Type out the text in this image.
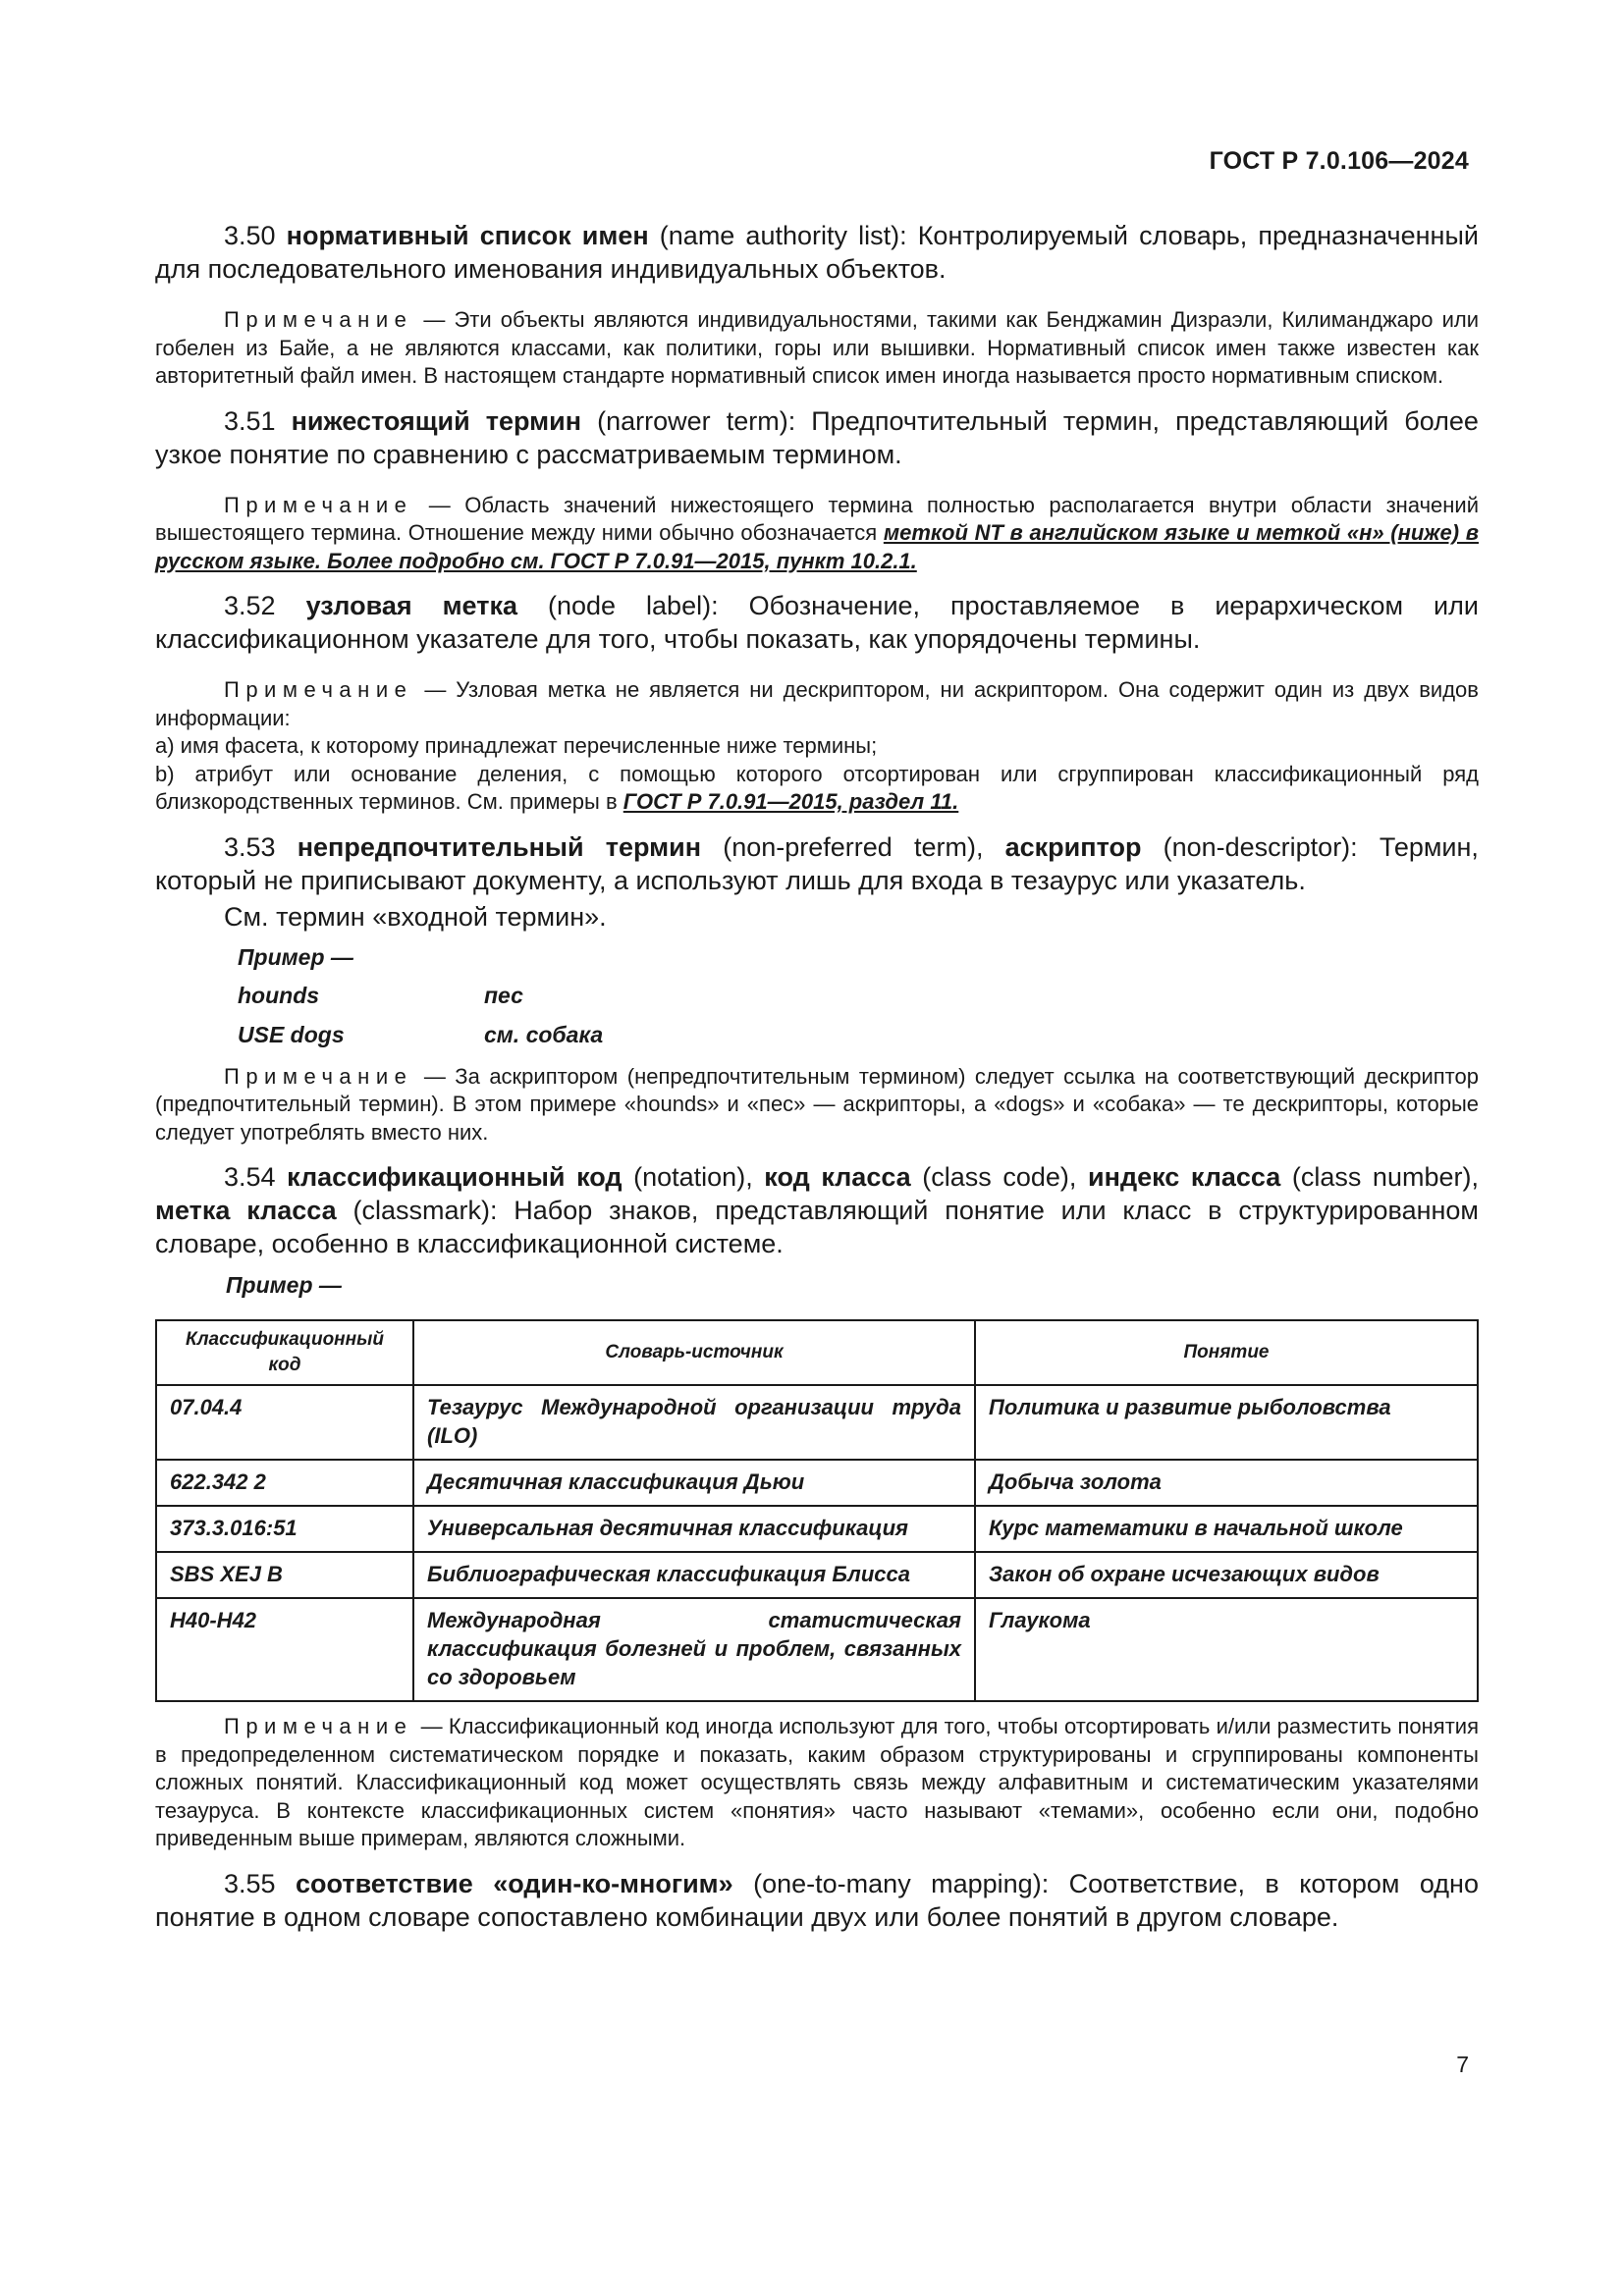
ГОСТ Р 7.0.106—2024

3.50 нормативный список имен (name authority list): Контролируемый словарь, предназначенный для последовательного именования индивидуальных объектов.

Примечание — Эти объекты являются индивидуальностями, такими как Бенджамин Дизраэли, Килиманджаро или гобелен из Байе, а не являются классами, как политики, горы или вышивки. Нормативный список имен также известен как авторитетный файл имен. В настоящем стандарте нормативный список имен иногда называется просто нормативным списком.

3.51 нижестоящий термин (narrower term): Предпочтительный термин, представляющий более узкое понятие по сравнению с рассматриваемым термином.

Примечание — Область значений нижестоящего термина полностью располагается внутри области значений вышестоящего термина. Отношение между ними обычно обозначается меткой NT в английском языке и меткой «н» (ниже) в русском языке. Более подробно см. ГОСТ Р 7.0.91—2015, пункт 10.2.1.

3.52 узловая метка (node label): Обозначение, проставляемое в иерархическом или классификационном указателе для того, чтобы показать, как упорядочены термины.

Примечание — Узловая метка не является ни дескриптором, ни аскриптором. Она содержит один из двух видов информации:

а) имя фасета, к которому принадлежат перечисленные ниже термины;

b) атрибут или основание деления, с помощью которого отсортирован или сгруппирован классификационный ряд близкородственных терминов. См. примеры в ГОСТ Р 7.0.91—2015, раздел 11.

3.53 непредпочтительный термин (non-preferred term), аскриптор (non-descriptor): Термин, который не приписывают документу, а используют лишь для входа в тезаурус или указатель.

См. термин «входной термин».

Пример —
hounds	пес
USE dogs	см. собака

Примечание — За аскриптором (непредпочтительным термином) следует ссылка на соответствующий дескриптор (предпочтительный термин). В этом примере «hounds» и «пес» — аскрипторы, а «dogs» и «собака» — те дескрипторы, которые следует употреблять вместо них.

3.54 классификационный код (notation), код класса (class code), индекс класса (class number), метка класса (classmark): Набор знаков, представляющий понятие или класс в структурированном словаре, особенно в классификационной системе.

Пример —
Классификационный код	Словарь-источник	Понятие
07.04.4	Тезаурус Международной организации труда (ILO)	Политика и развитие рыболовства
622.342 2	Десятичная классификация Дьюи	Добыча золота
373.3.016:51	Универсальная десятичная классификация	Курс математики в начальной школе
SBS XEJ B	Библиографическая классификация Блисса	Закон об охране исчезающих видов
H40-H42	Международная статистическая классификация болезней и проблем, связанных со здоровьем	Глаукома

Примечание — Классификационный код иногда используют для того, чтобы отсортировать и/или разместить понятия в предопределенном систематическом порядке и показать, каким образом структурированы и сгруппированы компоненты сложных понятий. Классификационный код может осуществлять связь между алфавитным и систематическим указателями тезауруса. В контексте классификационных систем «понятия» часто называют «темами», особенно если они, подобно приведенным выше примерам, являются сложными.

3.55 соответствие «один-ко-многим» (one-to-many mapping): Соответствие, в котором одно понятие в одном словаре сопоставлено комбинации двух или более понятий в другом словаре.

7
